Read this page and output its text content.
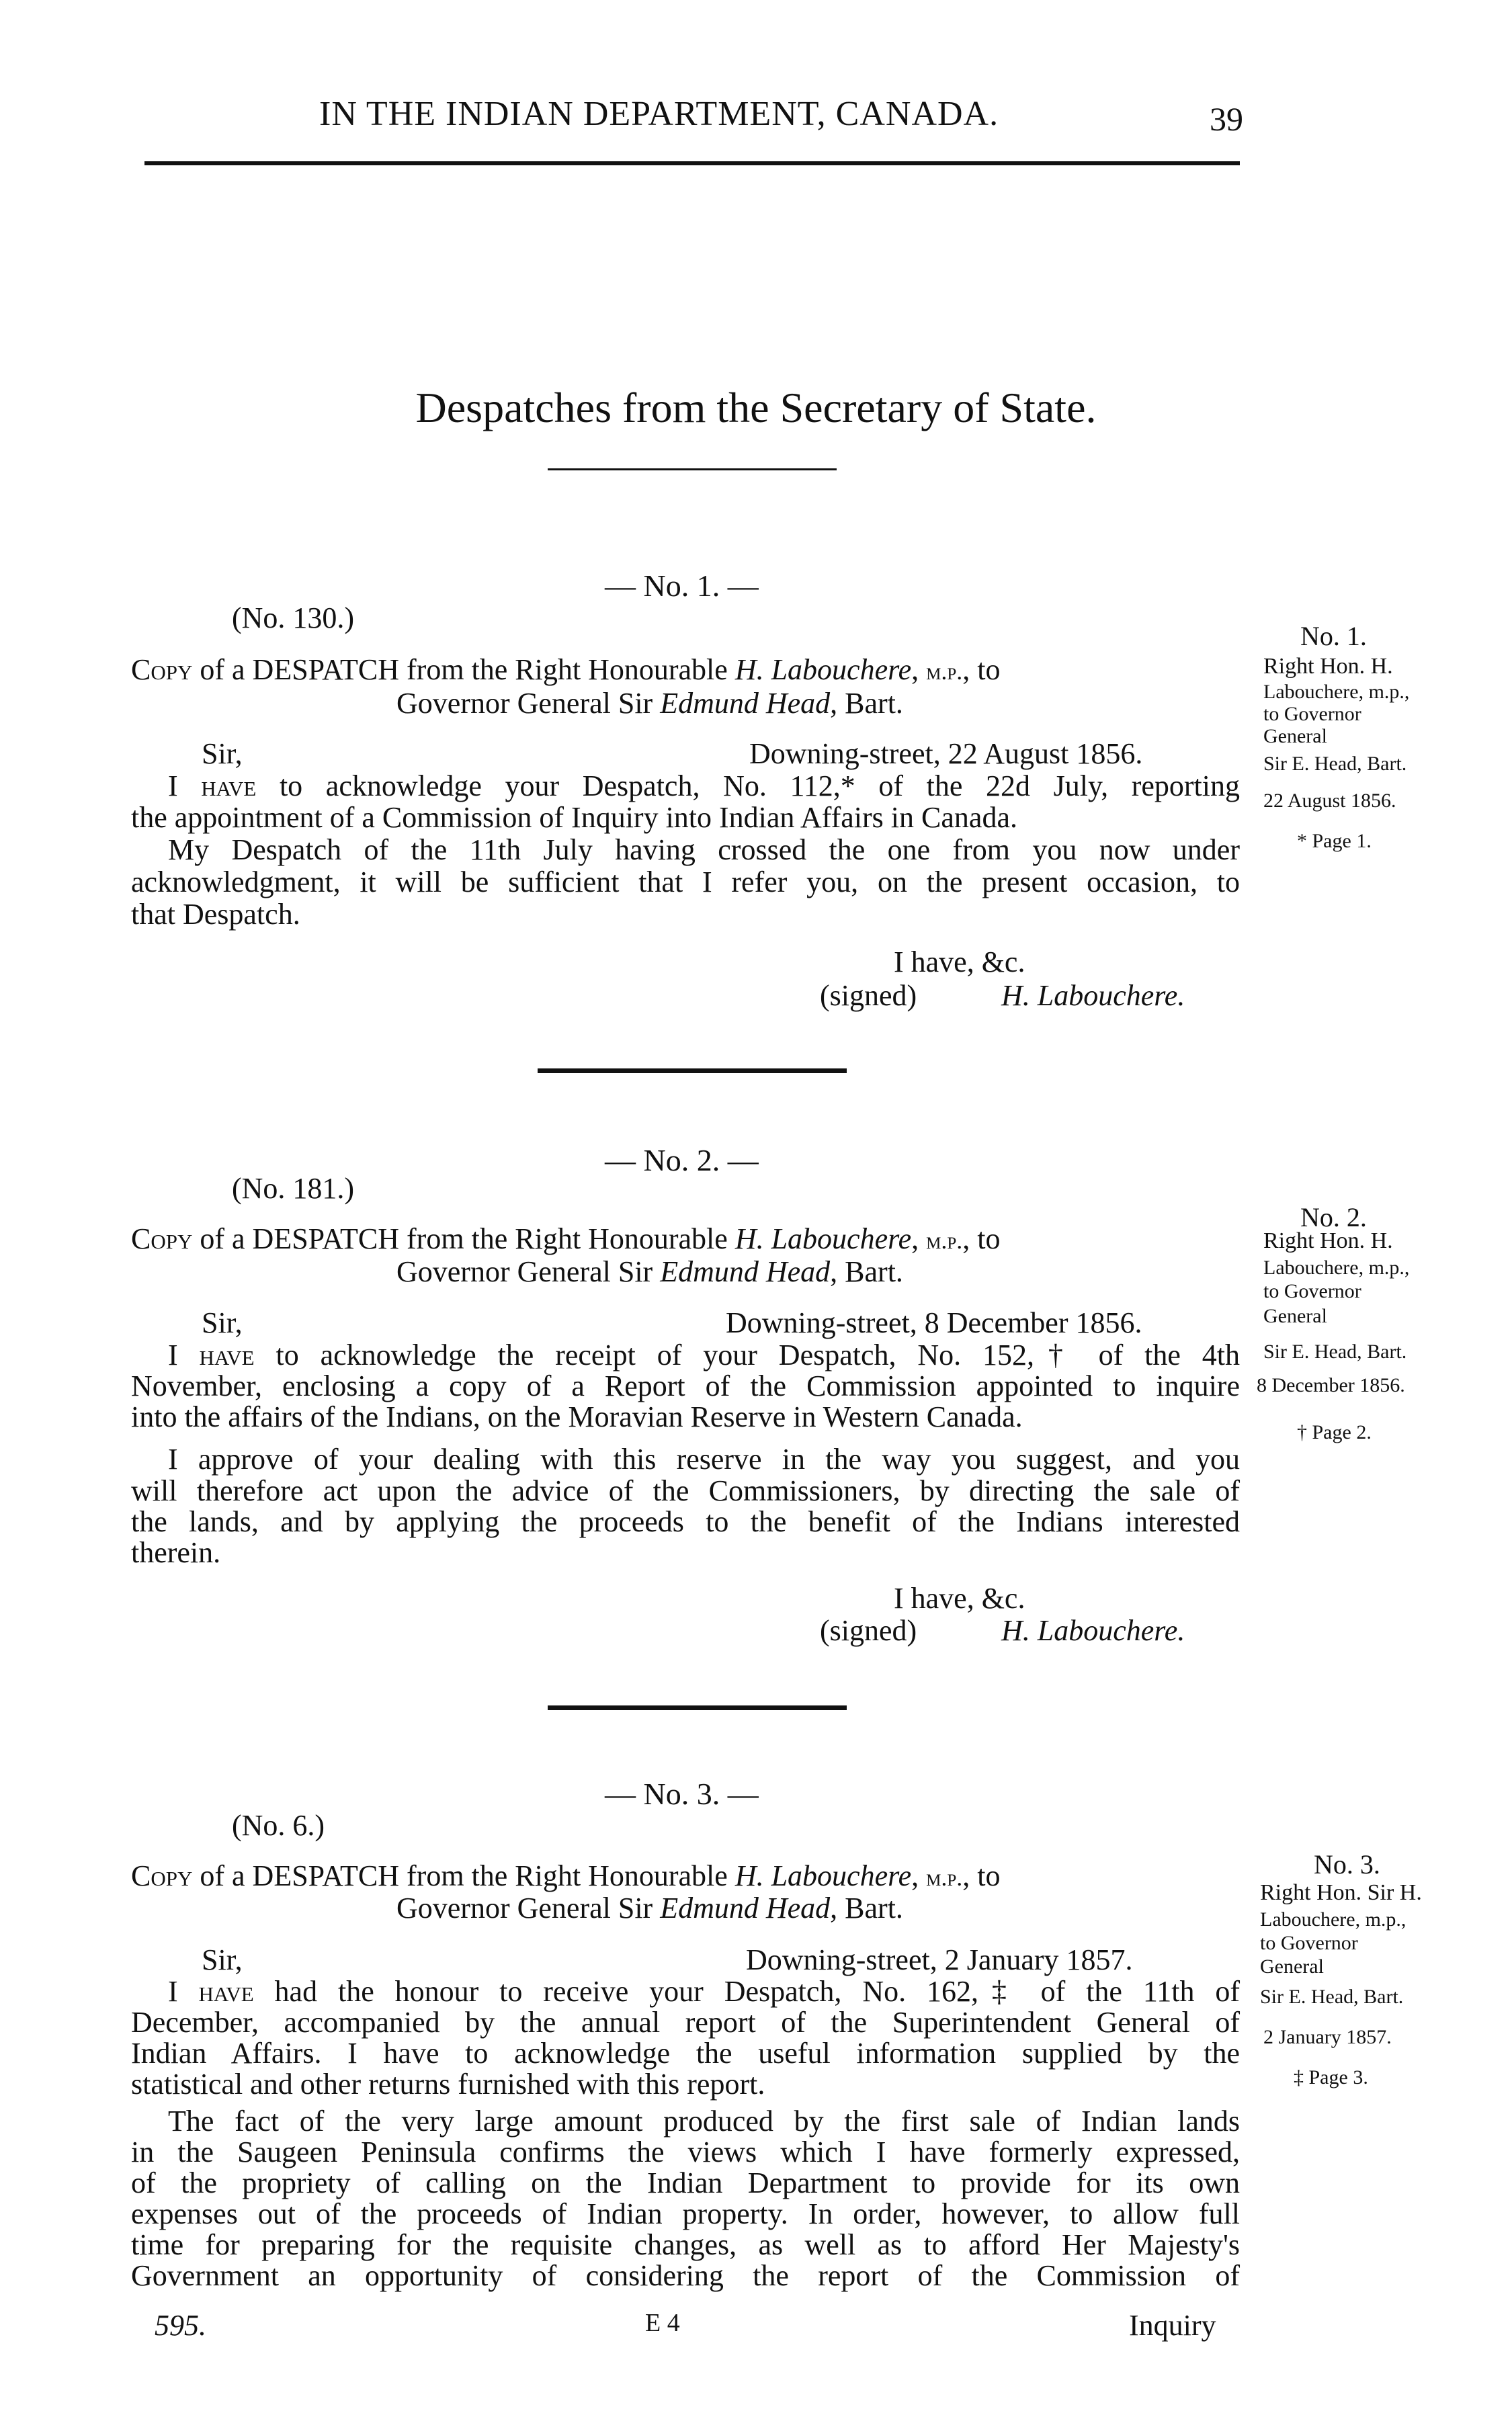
IN THE INDIAN DEPARTMENT, CANADA.	39
Despatches from the Secretary of State.
— No. 1. —
(No. 130.)
Copy of a DESPATCH from the Right Honourable H. Labouchere, m.p., to
Governor General Sir Edmund Head, Bart.
Sir,	Downing-street, 22 August 1856.
I have to acknowledge your Despatch, No. 112,* of the 22d July, reporting
the appointment of a Commission of Inquiry into Indian Affairs in Canada.
My Despatch of the 11th July having crossed the one from you now under
acknowledgment, it will be sufficient that I refer you, on the present occasion, to
that Despatch.
I have, &c.
(signed)	H. Labouchere.
No. 1.
Right Hon. H.
Labouchere, m.p.,
to Governor
General
Sir E. Head, Bart.
22 August 1856.
* Page 1.
— No. 2. —
(No. 181.)
Copy of a DESPATCH from the Right Honourable H. Labouchere, m.p., to
Governor General Sir Edmund Head, Bart.
Sir,	Downing-street, 8 December 1856.
I have to acknowledge the receipt of your Despatch, No. 152,† of the 4th
November, enclosing a copy of a Report of the Commission appointed to inquire
into the affairs of the Indians, on the Moravian Reserve in Western Canada.
I approve of your dealing with this reserve in the way you suggest, and you
will therefore act upon the advice of the Commissioners, by directing the sale of
the lands, and by applying the proceeds to the benefit of the Indians interested
therein.
I have, &c.
(signed)	H. Labouchere.
No. 2.
Right Hon. H.
Labouchere, m.p.,
to Governor
General
Sir E. Head, Bart.
8 December 1856.
† Page 2.
— No. 3. —
(No. 6.)
Copy of a DESPATCH from the Right Honourable H. Labouchere, m.p., to
Governor General Sir Edmund Head, Bart.
Sir,	Downing-street, 2 January 1857.
I have had the honour to receive your Despatch, No. 162,‡ of the 11th of
December, accompanied by the annual report of the Superintendent General of
Indian Affairs. I have to acknowledge the useful information supplied by the
statistical and other returns furnished with this report.
The fact of the very large amount produced by the first sale of Indian lands
in the Saugeen Peninsula confirms the views which I have formerly expressed,
of the propriety of calling on the Indian Department to provide for its own
expenses out of the proceeds of Indian property. In order, however, to allow full
time for preparing for the requisite changes, as well as to afford Her Majesty's
Government an opportunity of considering the report of the Commission of
No. 3.
Right Hon. Sir H.
Labouchere, m.p.,
to Governor
General
Sir E. Head, Bart.
2 January 1857.
‡ Page 3.
595.	E 4	Inquiry
